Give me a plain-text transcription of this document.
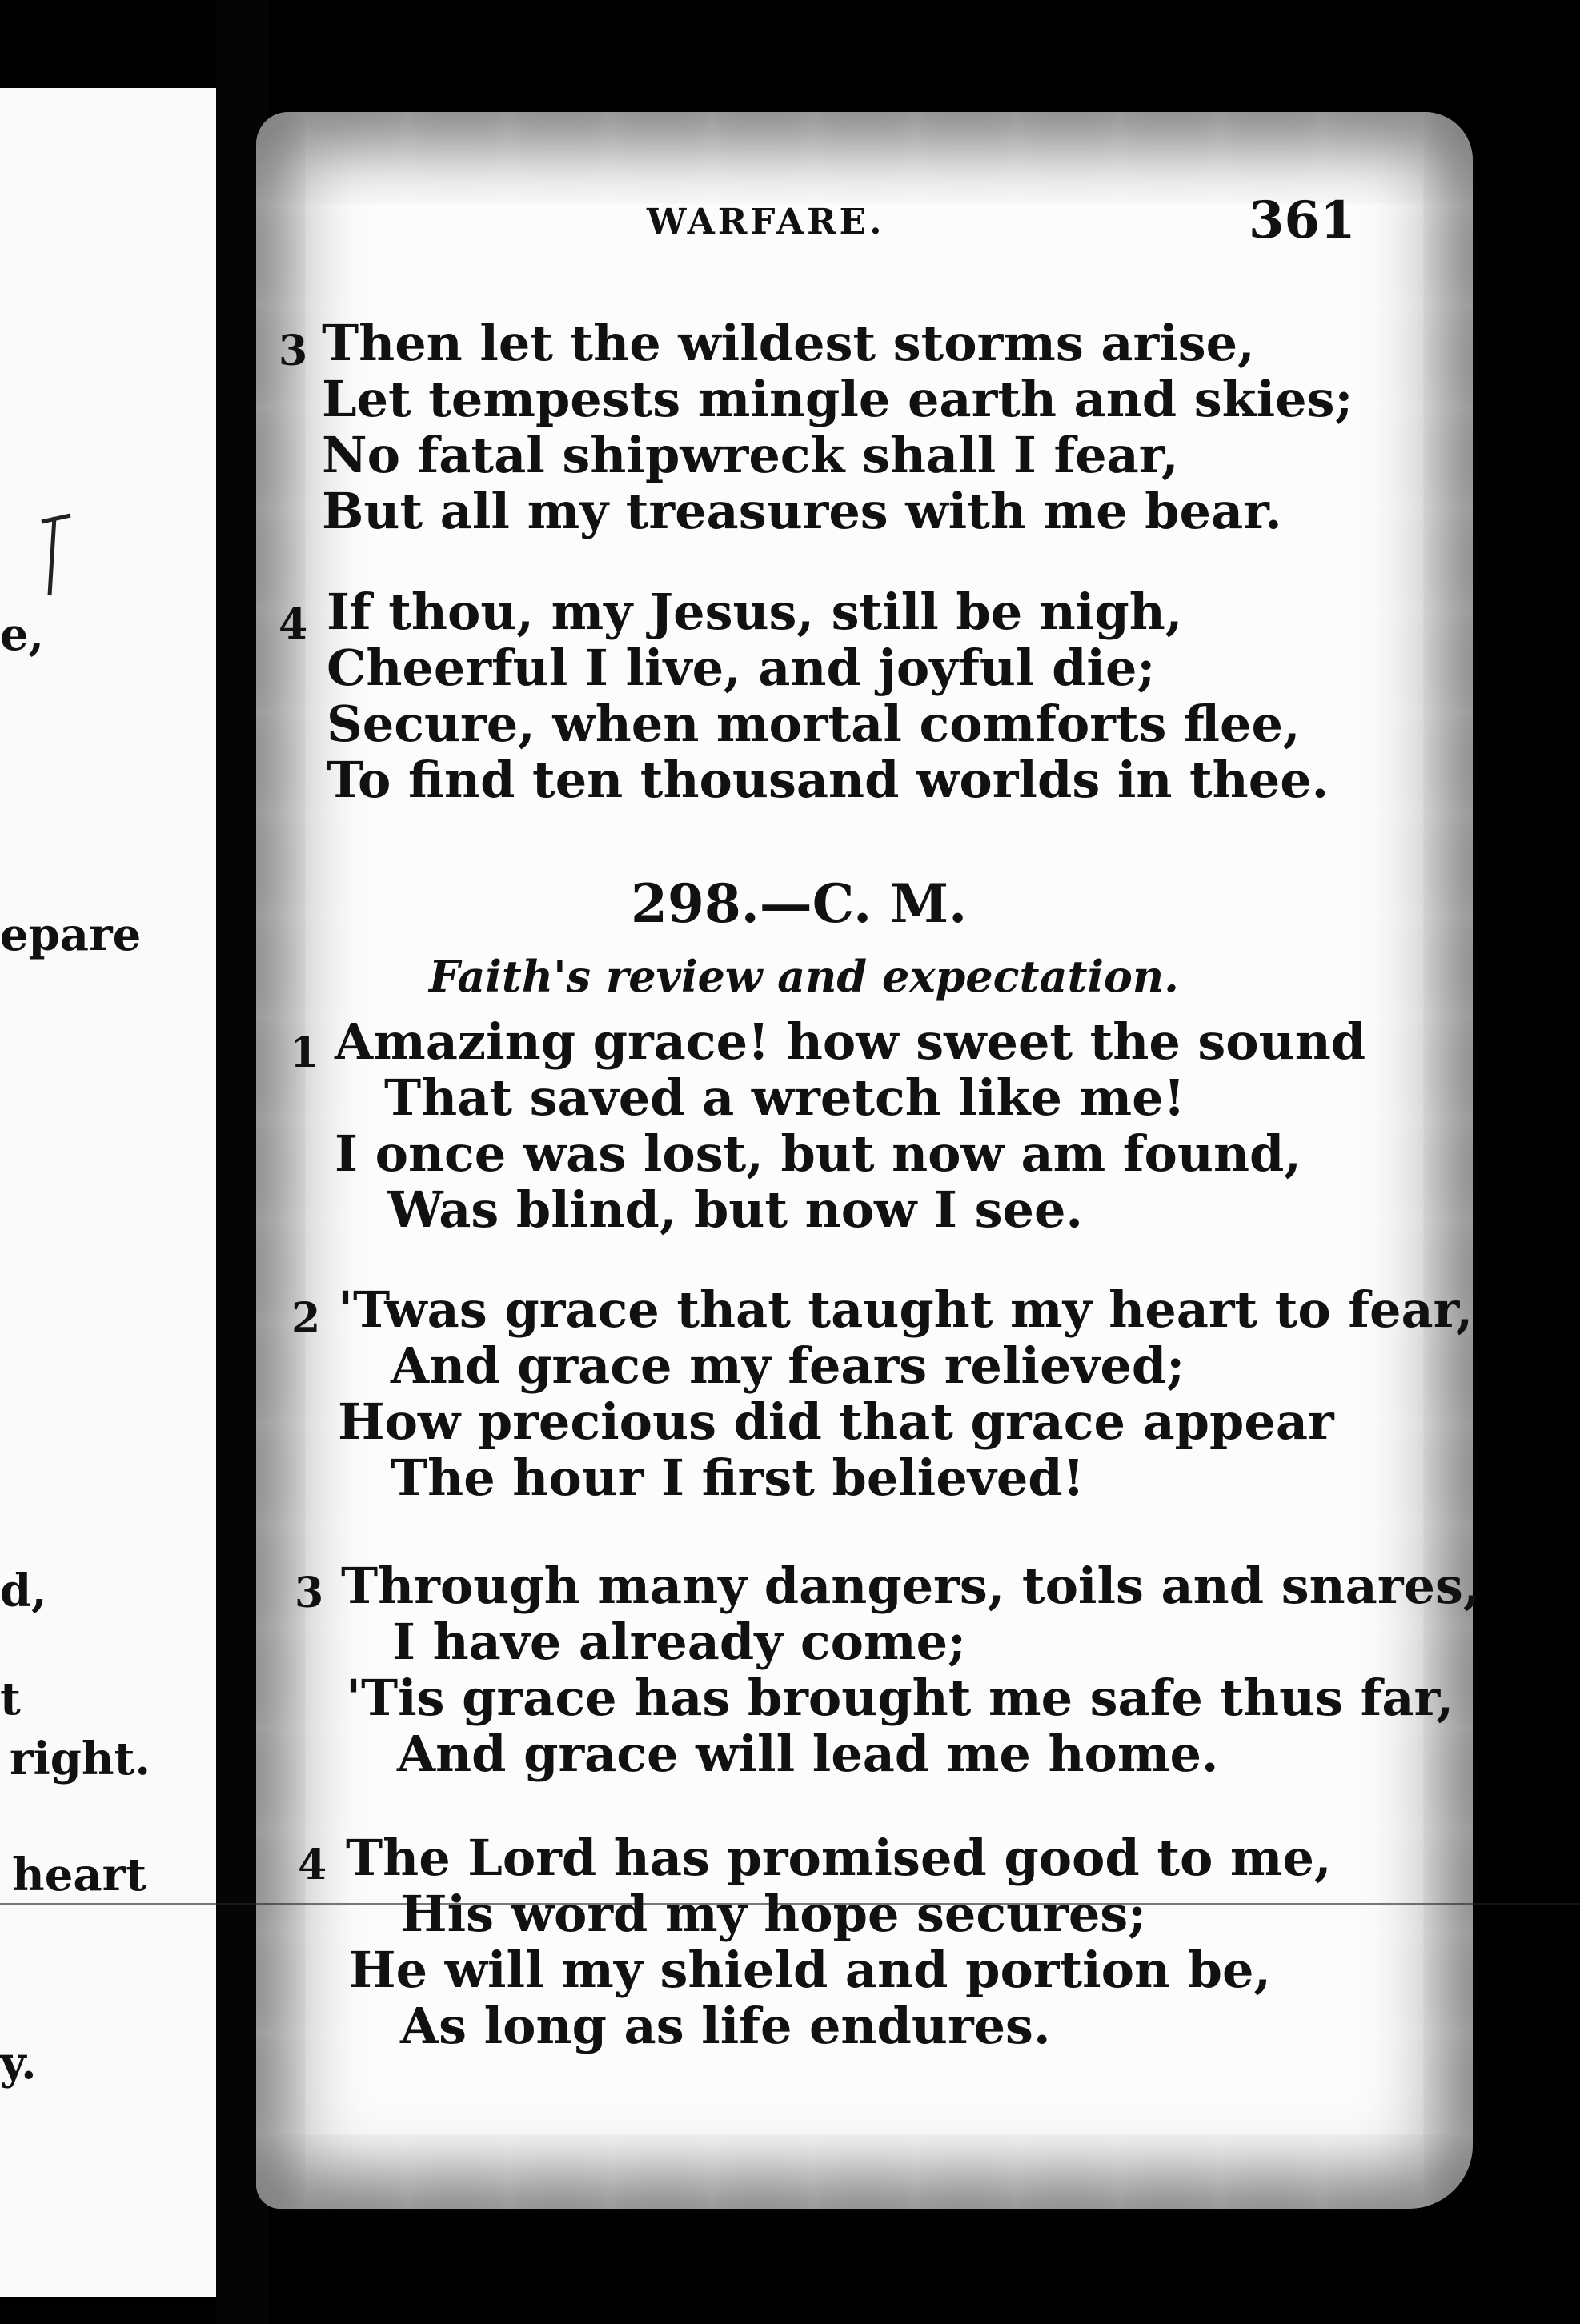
e,
epare
d,
t
right.
heart
y.
WARFARE.	361
3 Then let the wildest storms arise,
Let tempests mingle earth and skies;
No fatal shipwreck shall I fear,
But all my treasures with me bear.
4 If thou, my Jesus, still be nigh,
Cheerful I live, and joyful die;
Secure, when mortal comforts flee,
To find ten thousand worlds in thee.
298.—C. M.
Faith's review and expectation.
1 Amazing grace! how sweet the sound
That saved a wretch like me!
I once was lost, but now am found,
Was blind, but now I see.
2 'Twas grace that taught my heart to fear,
And grace my fears relieved;
How precious did that grace appear
The hour I first believed!
3 Through many dangers, toils and snares,
I have already come;
'Tis grace has brought me safe thus far,
And grace will lead me home.
4 The Lord has promised good to me,
His word my hope secures;
He will my shield and portion be,
As long as life endures.
